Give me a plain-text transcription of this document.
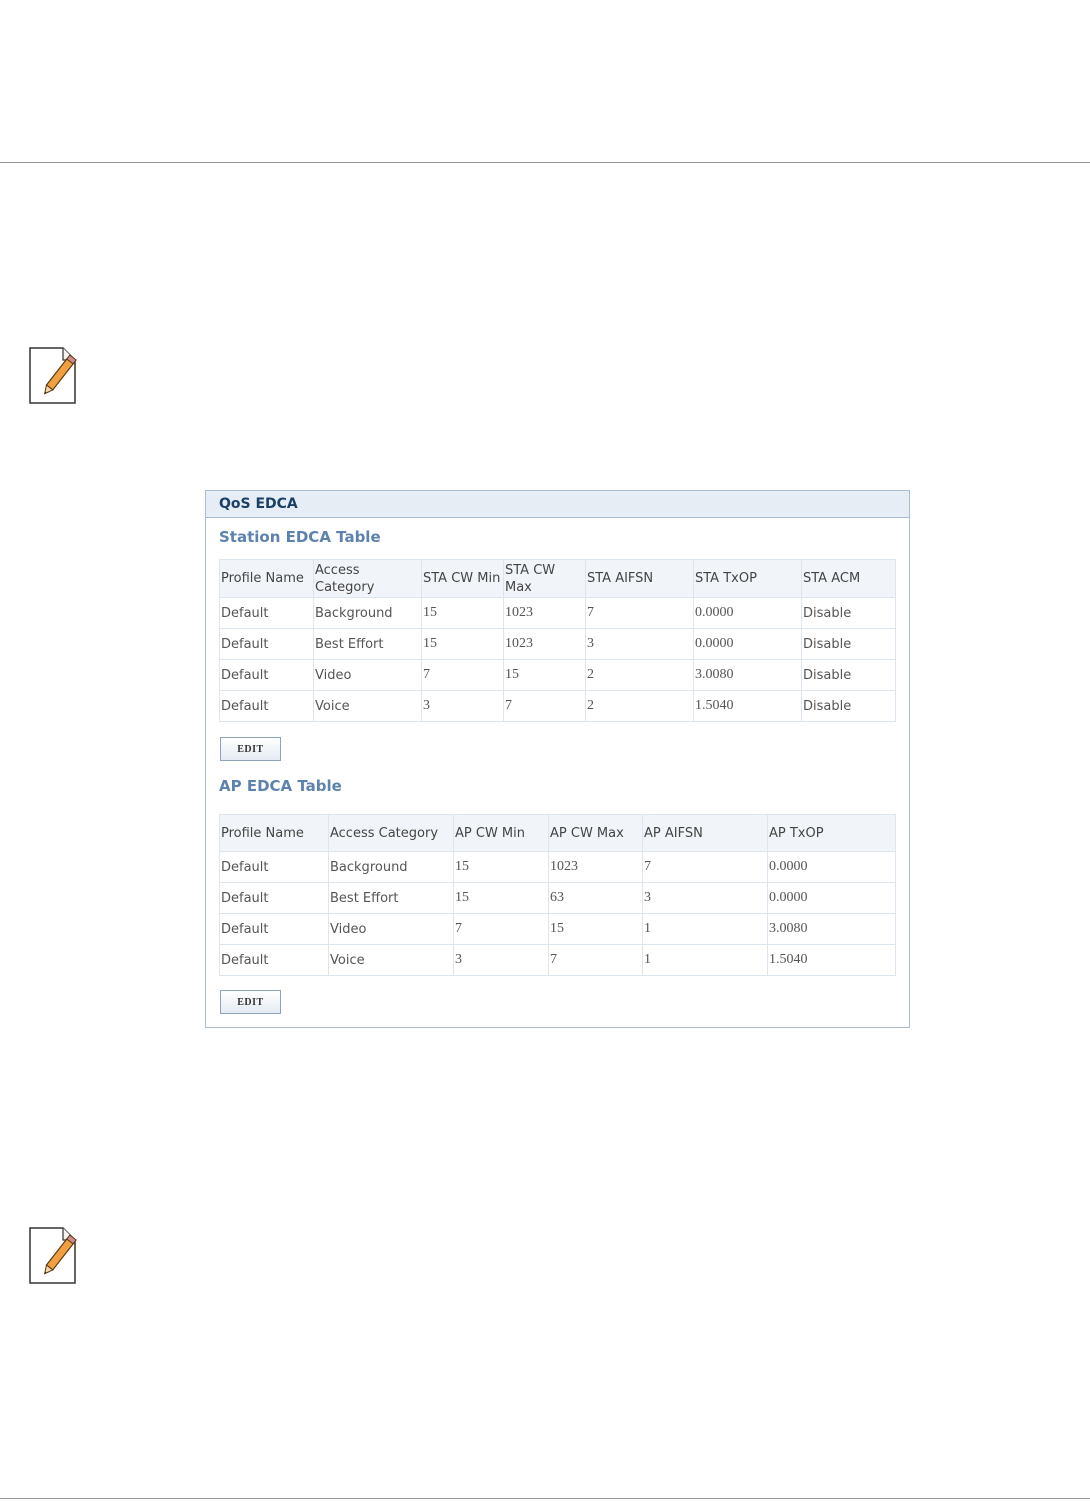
QoS EDCA
Station EDCA Table
Profile Name	Access Category	STA CW Min	STA CW Max	STA AIFSN	STA TxOP	STA ACM
Default	Background	15	1023	7	0.0000	Disable
Default	Best Effort	15	1023	3	0.0000	Disable
Default	Video	7	15	2	3.0080	Disable
Default	Voice	3	7	2	1.5040	Disable
EDIT
AP EDCA Table
Profile Name	Access Category	AP CW Min	AP CW Max	AP AIFSN	AP TxOP
Default	Background	15	1023	7	0.0000
Default	Best Effort	15	63	3	0.0000
Default	Video	7	15	1	3.0080
Default	Voice	3	7	1	1.5040
EDIT
